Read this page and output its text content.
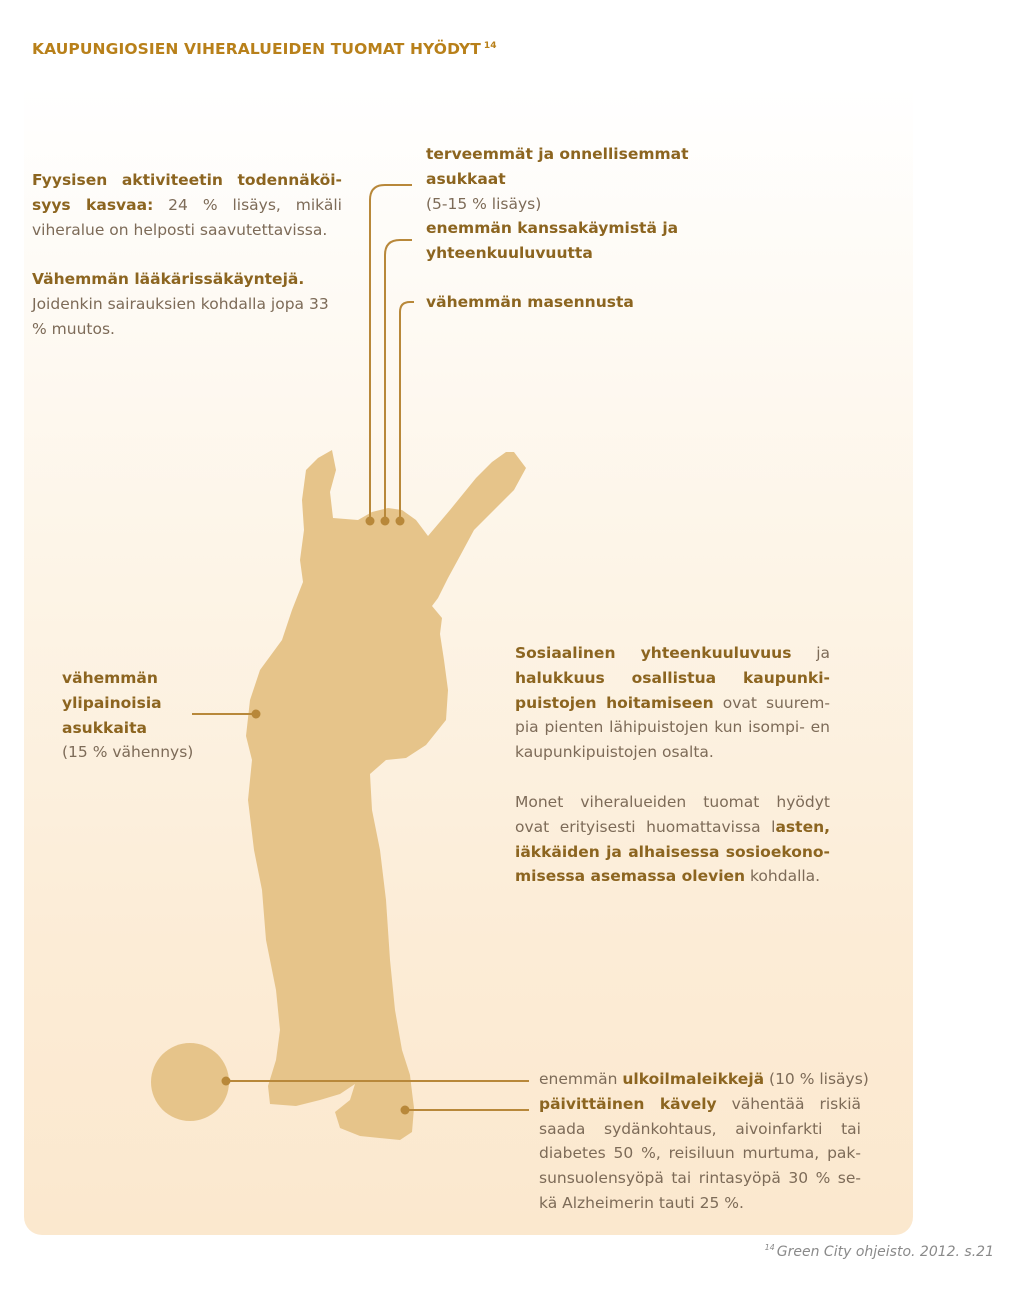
KAUPUNGIOSIEN VIHERALUEIDEN TUOMAT HYÖDYT $^{14}$
Fyysisen aktiviteetin todennäköi- syys kasvaa: 24 % lisäys, mikäli viheralue on helposti saavutettavissa.
Vähemmän lääkärissäkäyntejä.
Joidenkin sairauksien kohdalla jopa 33 % muutos.
terveemmät ja onnellisemmat asukkaat
(5-15 % lisäys)
enemmän kanssakäymistä ja yhteenkuuluvuutta
vähemmän masennusta
vähemmän ylipainoisia asukkaita
(15 % vähennys)
Sosiaalinen yhteenkuuluvuus ja halukkuus osallistua kaupunki- puistojen hoitamiseen ovat suurem- pia pienten lähipuistojen kun isompi- en kaupunkipuistojen osalta.
Monet viheralueiden tuomat hyödyt ovat erityisesti huomattavissa lasten, iäkkäiden ja alhaisessa sosioekono- misessa asemassa olevien kohdalla.
enemmän ulkoilmaleikkejä (10 % lisäys)
päivittäinen kävely vähentää riskiä saada sydänkohtaus, aivoinfarkti tai diabetes 50 %, reisiluun murtuma, pak- sunsuolensyöpä tai rintasyöpä 30 % se- kä Alzheimerin tauti 25 %.
$^{14}$ Green City ohjeisto. 2012. s.21
